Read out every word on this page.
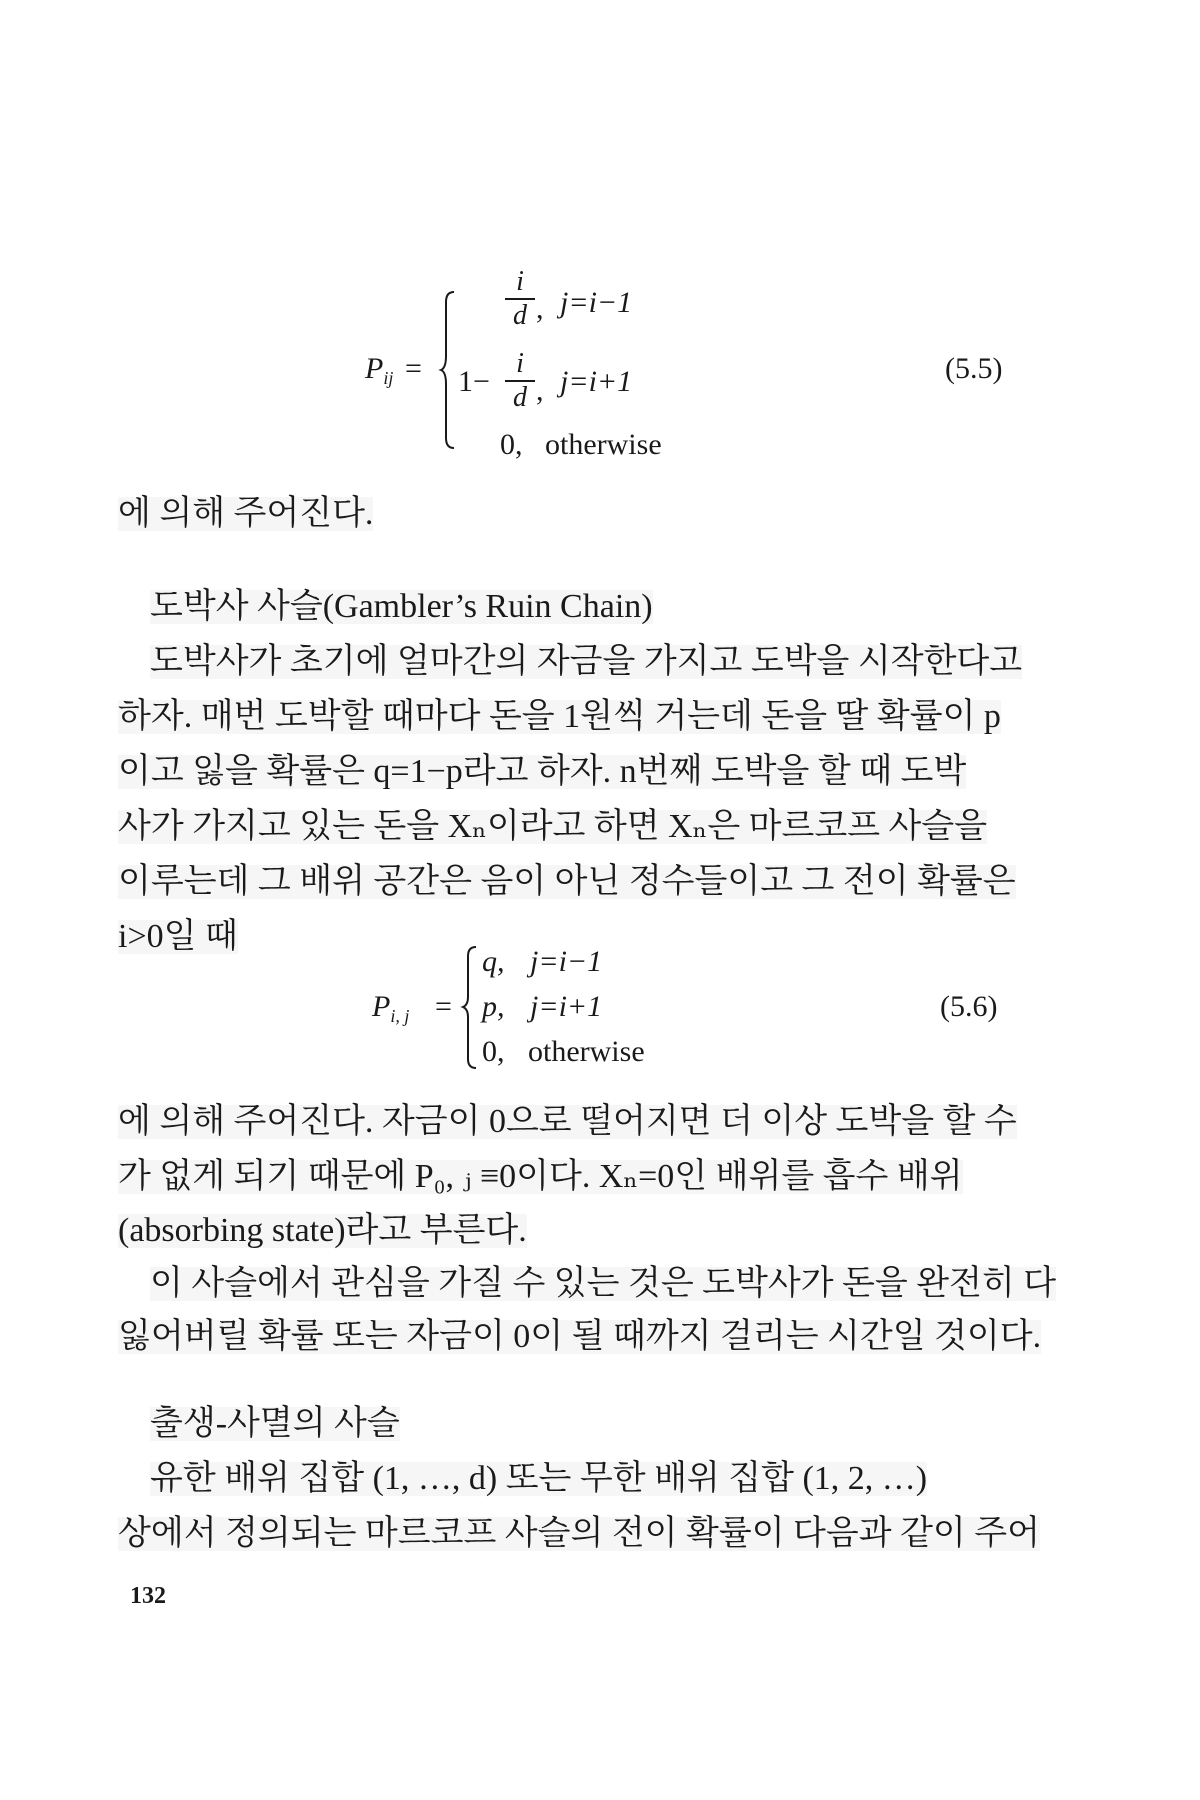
$P_{ij}$ =
i
d , j=i−1
1−
i
d , j=i+1
0, otherwise
(5.5)
에 의해 주어진다.
도박사 사슬(Gambler’s Ruin Chain)
도박사가 초기에 얼마간의 자금을 가지고 도박을 시작한다고
하자. 매번 도박할 때마다 돈을 1원씩 거는데 돈을 딸 확률이 p
이고 잃을 확률은 q=1−p라고 하자. n번째 도박을 할 때 도박
사가 가지고 있는 돈을 Xₙ이라고 하면 Xₙ은 마르코프 사슬을
이루는데 그 배위 공간은 음이 아닌 정수들이고 그 전이 확률은
i>0일 때
$P_{i, j}$ =
q, j=i−1
p, j=i+1
0, otherwise
(5.6)
에 의해 주어진다. 자금이 0으로 떨어지면 더 이상 도박을 할 수
가 없게 되기 때문에 P₀, ⱼ ≡0이다. Xₙ=0인 배위를 흡수 배위
(absorbing state)라고 부른다.
이 사슬에서 관심을 가질 수 있는 것은 도박사가 돈을 완전히 다
잃어버릴 확률 또는 자금이 0이 될 때까지 걸리는 시간일 것이다.
출생-사멸의 사슬
유한 배위 집합 (1, …, d) 또는 무한 배위 집합 (1, 2, …)
상에서 정의되는 마르코프 사슬의 전이 확률이 다음과 같이 주어
132
